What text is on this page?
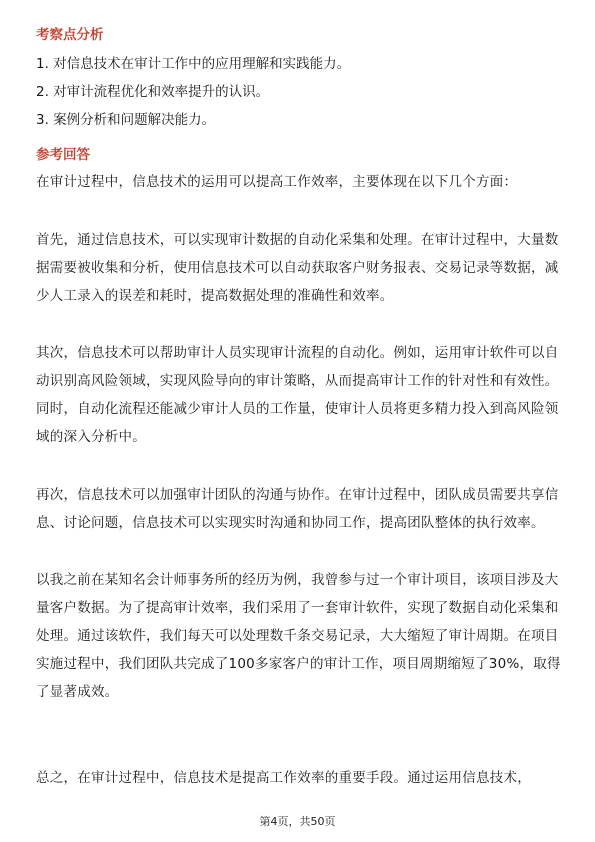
考察点分析

1. 对信息技术在审计工作中的应用理解和实践能力。

2. 对审计流程优化和效率提升的认识。

3. 案例分析和问题解决能力。

参考回答

在审计过程中，信息技术的运用可以提高工作效率，主要体现在以下几个方面：

首先，通过信息技术，可以实现审计数据的自动化采集和处理。在审计过程中，大量数据需要被收集和分析，使用信息技术可以自动获取客户财务报表、交易记录等数据，减少人工录入的误差和耗时，提高数据处理的准确性和效率。

其次，信息技术可以帮助审计人员实现审计流程的自动化。例如，运用审计软件可以自动识别高风险领域，实现风险导向的审计策略，从而提高审计工作的针对性和有效性。同时，自动化流程还能减少审计人员的工作量，使审计人员将更多精力投入到高风险领域的深入分析中。

再次，信息技术可以加强审计团队的沟通与协作。在审计过程中，团队成员需要共享信息、讨论问题，信息技术可以实现实时沟通和协同工作，提高团队整体的执行效率。

以我之前在某知名会计师事务所的经历为例，我曾参与过一个审计项目，该项目涉及大量客户数据。为了提高审计效率，我们采用了一套审计软件，实现了数据自动化采集和处理。通过该软件，我们每天可以处理数千条交易记录，大大缩短了审计周期。在项目实施过程中，我们团队共完成了100多家客户的审计工作，项目周期缩短了30%，取得了显著成效。

总之，在审计过程中，信息技术是提高工作效率的重要手段。通过运用信息技术，

第4页，共50页
